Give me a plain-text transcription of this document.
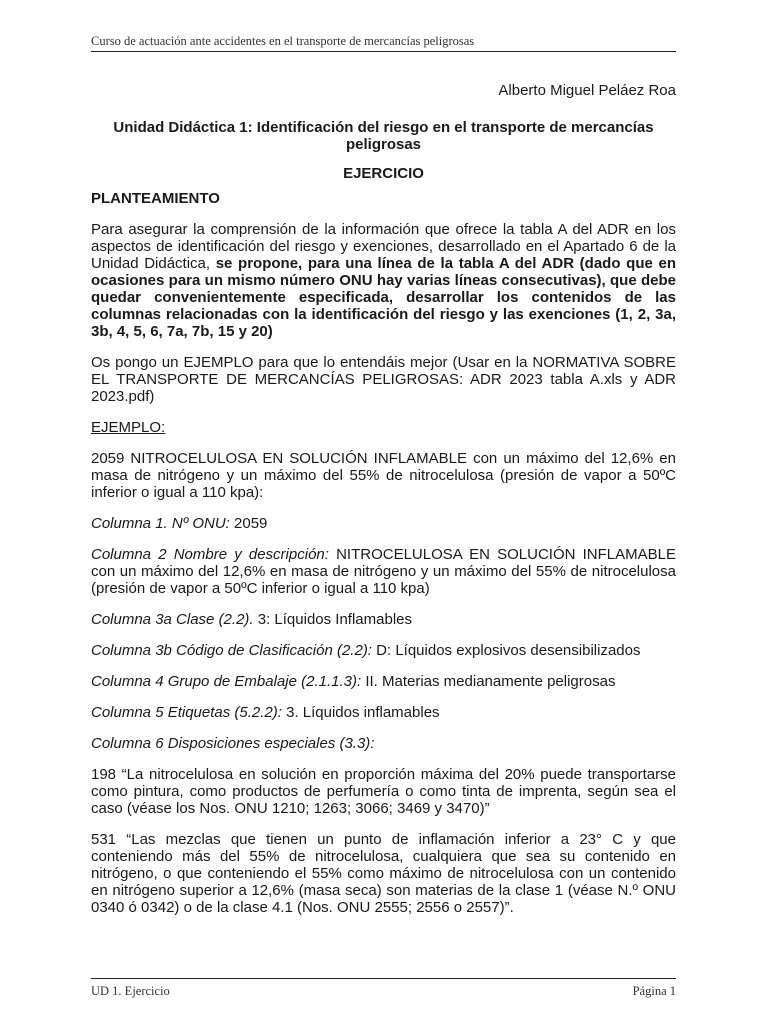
Curso de actuación ante accidentes en el transporte de mercancías peligrosas

Alberto Miguel Peláez Roa

Unidad Didáctica 1: Identificación del riesgo en el transporte de mercancías peligrosas

EJERCICIO

PLANTEAMIENTO

Para asegurar la comprensión de la información que ofrece la tabla A del ADR en los aspectos de identificación del riesgo y exenciones, desarrollado en el Apartado 6 de la Unidad Didáctica, se propone, para una línea de la tabla A del ADR (dado que en ocasiones para un mismo número ONU hay varias líneas consecutivas), que debe quedar convenientemente especificada, desarrollar los contenidos de las columnas relacionadas con la identificación del riesgo y las exenciones (1, 2, 3a, 3b, 4, 5, 6, 7a, 7b, 15 y 20)

Os pongo un EJEMPLO para que lo entendáis mejor (Usar en la NORMATIVA SOBRE EL TRANSPORTE DE MERCANCÍAS PELIGROSAS: ADR 2023 tabla A.xls y ADR 2023.pdf)

EJEMPLO:

2059 NITROCELULOSA EN SOLUCIÓN INFLAMABLE con un máximo del 12,6% en masa de nitrógeno y un máximo del 55% de nitrocelulosa (presión de vapor a 50ºC inferior o igual a 110 kpa):

Columna 1. Nº ONU: 2059

Columna 2 Nombre y descripción: NITROCELULOSA EN SOLUCIÓN INFLAMABLE con un máximo del 12,6% en masa de nitrógeno y un máximo del 55% de nitrocelulosa (presión de vapor a 50ºC inferior o igual a 110 kpa)

Columna 3a Clase (2.2). 3: Líquidos Inflamables

Columna 3b Código de Clasificación (2.2): D: Líquidos explosivos desensibilizados

Columna 4 Grupo de Embalaje (2.1.1.3): II. Materias medianamente peligrosas

Columna 5 Etiquetas (5.2.2): 3. Líquidos inflamables

Columna 6 Disposiciones especiales (3.3):

198 “La nitrocelulosa en solución en proporción máxima del 20% puede transportarse como pintura, como productos de perfumería o como tinta de imprenta, según sea el caso (véase los Nos. ONU 1210; 1263; 3066; 3469 y 3470)”

531 “Las mezclas que tienen un punto de inflamación inferior a 23° C y que conteniendo más del 55% de nitrocelulosa, cualquiera que sea su contenido en nitrógeno, o que conteniendo el 55% como máximo de nitrocelulosa con un contenido en nitrógeno superior a 12,6% (masa seca) son materias de la clase 1 (véase N.º ONU 0340 ó 0342) o de la clase 4.1 (Nos. ONU 2555; 2556 o 2557)”.

UD 1. Ejercicio	Página 1
